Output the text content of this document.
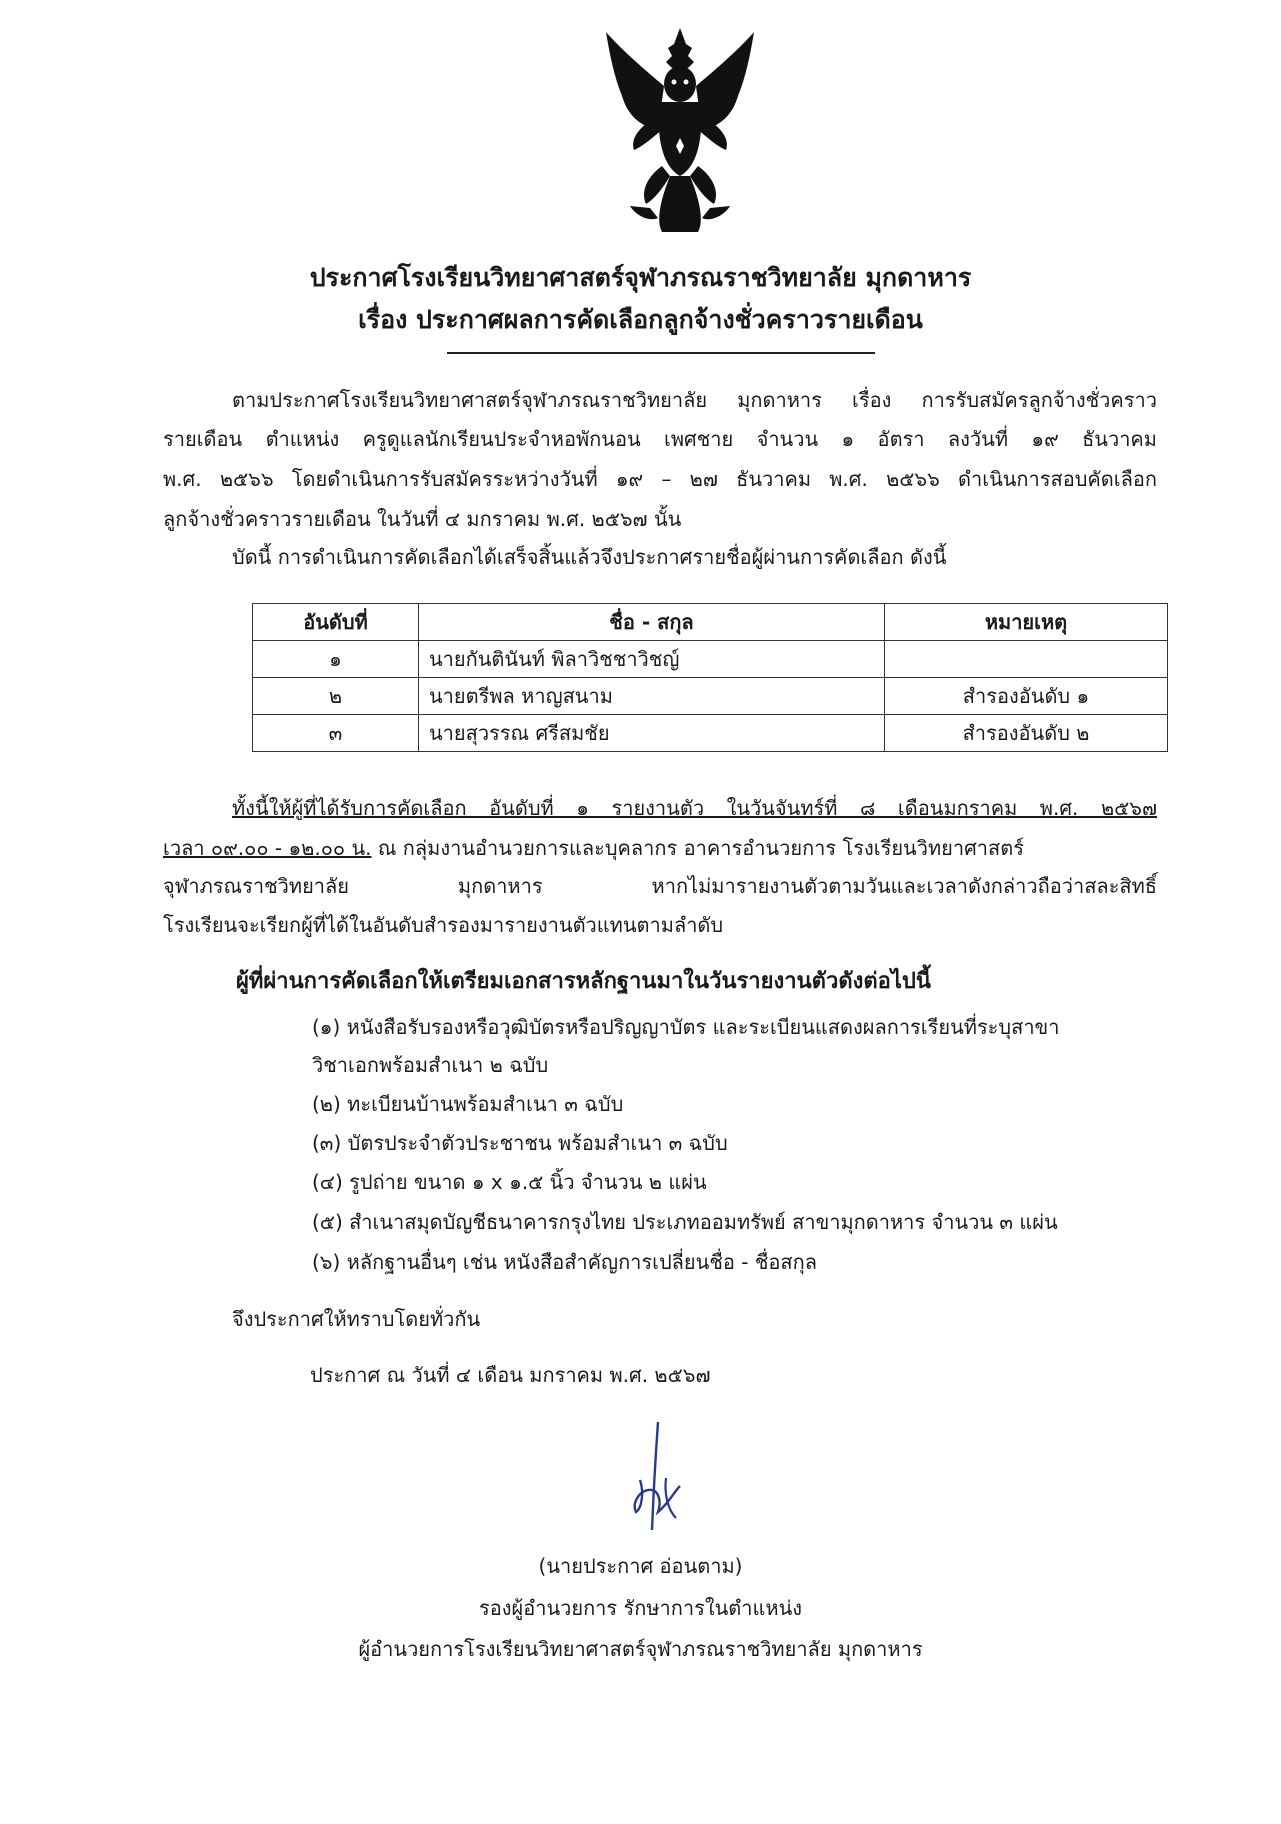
ประกาศโรงเรียนวิทยาศาสตร์จุฬาภรณราชวิทยาลัย มุกดาหาร
เรื่อง ประกาศผลการคัดเลือกลูกจ้างชั่วคราวรายเดือน
ตามประกาศโรงเรียนวิทยาศาสตร์จุฬาภรณราชวิทยาลัย มุกดาหาร เรื่อง การรับสมัครลูกจ้างชั่วคราว
รายเดือน ตำแหน่ง ครูดูแลนักเรียนประจำหอพักนอน เพศชาย จำนวน ๑ อัตรา ลงวันที่ ๑๙ ธันวาคม
พ.ศ. ๒๕๖๖ โดยดำเนินการรับสมัครระหว่างวันที่ ๑๙ – ๒๗ ธันวาคม พ.ศ. ๒๕๖๖ ดำเนินการสอบคัดเลือก
ลูกจ้างชั่วคราวรายเดือน ในวันที่ ๔ มกราคม พ.ศ. ๒๕๖๗ นั้น
บัดนี้ การดำเนินการคัดเลือกได้เสร็จสิ้นแล้วจึงประกาศรายชื่อผู้ผ่านการคัดเลือก ดังนี้
อันดับที่	ชื่อ - สกุล	หมายเหตุ
๑	นายกันตินันท์ พิลาวิชชาวิชญ์	
๒	นายตรีพล หาญสนาม	สำรองอันดับ ๑
๓	นายสุวรรณ ศรีสมชัย	สำรองอันดับ ๒
ทั้งนี้ให้ผู้ที่ได้รับการคัดเลือก อันดับที่ ๑ รายงานตัว ในวันจันทร์ที่ ๘ เดือนมกราคม พ.ศ. ๒๕๖๗
เวลา ๐๙.๐๐ - ๑๒.๐๐ น. ณ กลุ่มงานอำนวยการและบุคลากร อาคารอำนวยการ โรงเรียนวิทยาศาสตร์
จุฬาภรณราชวิทยาลัย มุกดาหาร หากไม่มารายงานตัวตามวันและเวลาดังกล่าวถือว่าสละสิทธิ์
โรงเรียนจะเรียกผู้ที่ได้ในอันดับสำรองมารายงานตัวแทนตามลำดับ
ผู้ที่ผ่านการคัดเลือกให้เตรียมเอกสารหลักฐานมาในวันรายงานตัวดังต่อไปนี้
(๑) หนังสือรับรองหรือวุฒิบัตรหรือปริญญาบัตร และระเบียนแสดงผลการเรียนที่ระบุสาขา
วิชาเอกพร้อมสำเนา ๒ ฉบับ
(๒) ทะเบียนบ้านพร้อมสำเนา ๓ ฉบับ
(๓) บัตรประจำตัวประชาชน พร้อมสำเนา ๓ ฉบับ
(๔) รูปถ่าย ขนาด ๑ x ๑.๕ นิ้ว จำนวน ๒ แผ่น
(๕) สำเนาสมุดบัญชีธนาคารกรุงไทย ประเภทออมทรัพย์ สาขามุกดาหาร จำนวน ๓ แผ่น
(๖) หลักฐานอื่นๆ เช่น หนังสือสำคัญการเปลี่ยนชื่อ - ชื่อสกุล
จึงประกาศให้ทราบโดยทั่วกัน
ประกาศ ณ วันที่ ๔ เดือน มกราคม พ.ศ. ๒๕๖๗
(นายประกาศ อ่อนตาม)
รองผู้อำนวยการ รักษาการในตำแหน่ง
ผู้อำนวยการโรงเรียนวิทยาศาสตร์จุฬาภรณราชวิทยาลัย มุกดาหาร
